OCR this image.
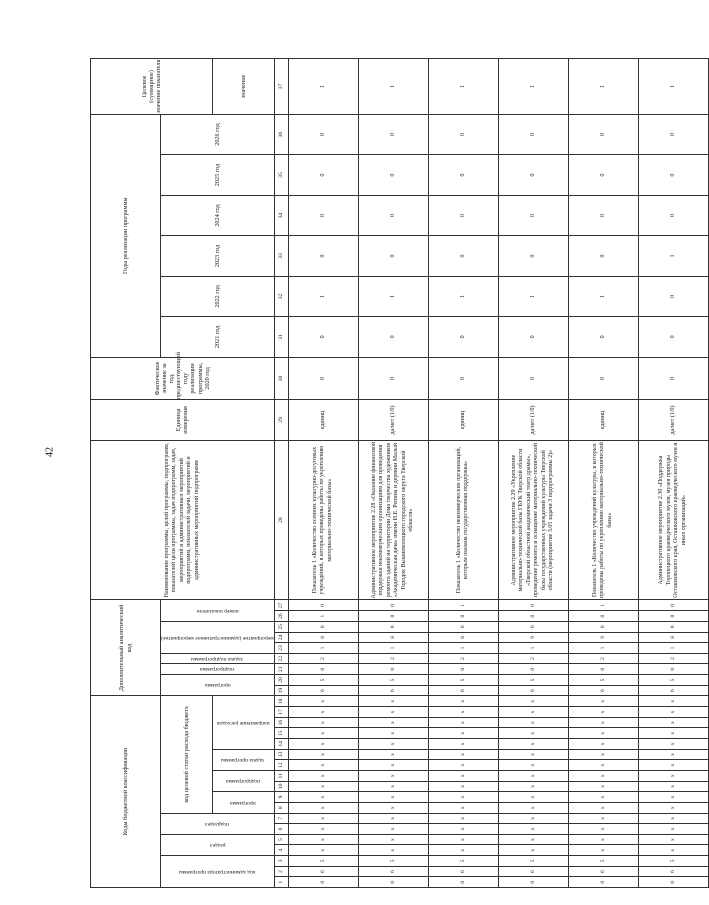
42
Коды бюджетной классификации																		Дополнительный аналитический код									Наименование программы, целей программы, подпрограмм, показателей цели программы, задач подпрограмм, задач, мероприятий и административных мероприятий подпрограмм, показателей задачи, мероприятий и административных мероприятий подпрограмм	Единица измерения	Фактическое значение за год, предшествующий году реализации программы, 2020 год	Годы реализации программы						Целевое (суммарное) значение показателя

код администратора программы			раздел		подраздел		код целевой статьи расхода бюджета											программа		подпрограмма	задача подпрограммы	мероприятие (административное мероприятие)			номер показателя					2021 год	2022 год	2023 год	2024 год	2025 год	2026 год	

							программа		подпрограмма		задача программы		направление расходов																							значение
1	2	3	4	5	6	7	8	9	10	11	12	13	14	15	16	17	18	19	20	21	22	23	24	25	26	27	28	29	30	31	32	33	34	35	36	37
0	6	5	x	x	x	x	x	x	x	x	x	x	x	x	x	x	x	6	5	0	2	1	8	0	1	0	Показатель 1 «Количество осенних культурно-досуговых учреждений, в которых проведены работы по укреплению материально-технической базы»	единиц	0	0	1	0	0	0	0	1
0	6	5	x	x	x	x	x	x	x	x	x	x	x	x	x	x	x	6	5	0	2	1	8	0	0	0	Административное мероприятие 2.28 «Оказание финансовой поддержки некоммерческим организациям для проведения ремонта зданий на территории Дома творчества художников «Академическая дача» имени И.Е. Репина и деревни Малый Городок Вышневолоцкого городского округа Тверской области»	да/нет (1/0)	0	0	1	0	0	0	0	1
0	6	5	x	x	x	x	x	x	x	x	x	x	x	x	x	x	x	6	5	0	2	1	8	0	0	1	Показатель 1 «Количество некоммерческих организаций, которым оказана государственная поддержка»	единиц	0	0	1	0	0	0	0	1
0	6	5	x	x	x	x	x	x	x	x	x	x	x	x	x	x	x	6	5	0	2	1	9	0	0	0	Административное мероприятие 2.29 «Укрепление материально-технической базы ГБУК Тверской области «Тверской областной академический театр драмы», проведение ремонта и оснащение материально-технической базы государственных учреждений культуры Тверской области (мероприятие 3.05 задачи 3 подпрограммы 2)»	да/нет (1/0)	0	0	1	0	0	0	0	1
0	6	5	x	x	x	x	x	x	x	x	x	x	x	x	x	x	x	6	5	0	2	1	9	0	0	1	Показатель 1 «Количество учреждений культуры, в которых проведены работы по укреплению материально-технической базы»	единиц	0	0	1	0	0	0	0	1
0	6	5	x	x	x	x	x	x	x	x	x	x	x	x	x	x	x	6	5	0	2	1	8	0	0	0	Административное мероприятие 2.30 «Поддержка Торопецкого краеведческого музея, музея природы Осташковского края, Осташковского краеведческого музея и иных организаций»	да/нет (1/0)	0	0	0	1	0	0	0	1
